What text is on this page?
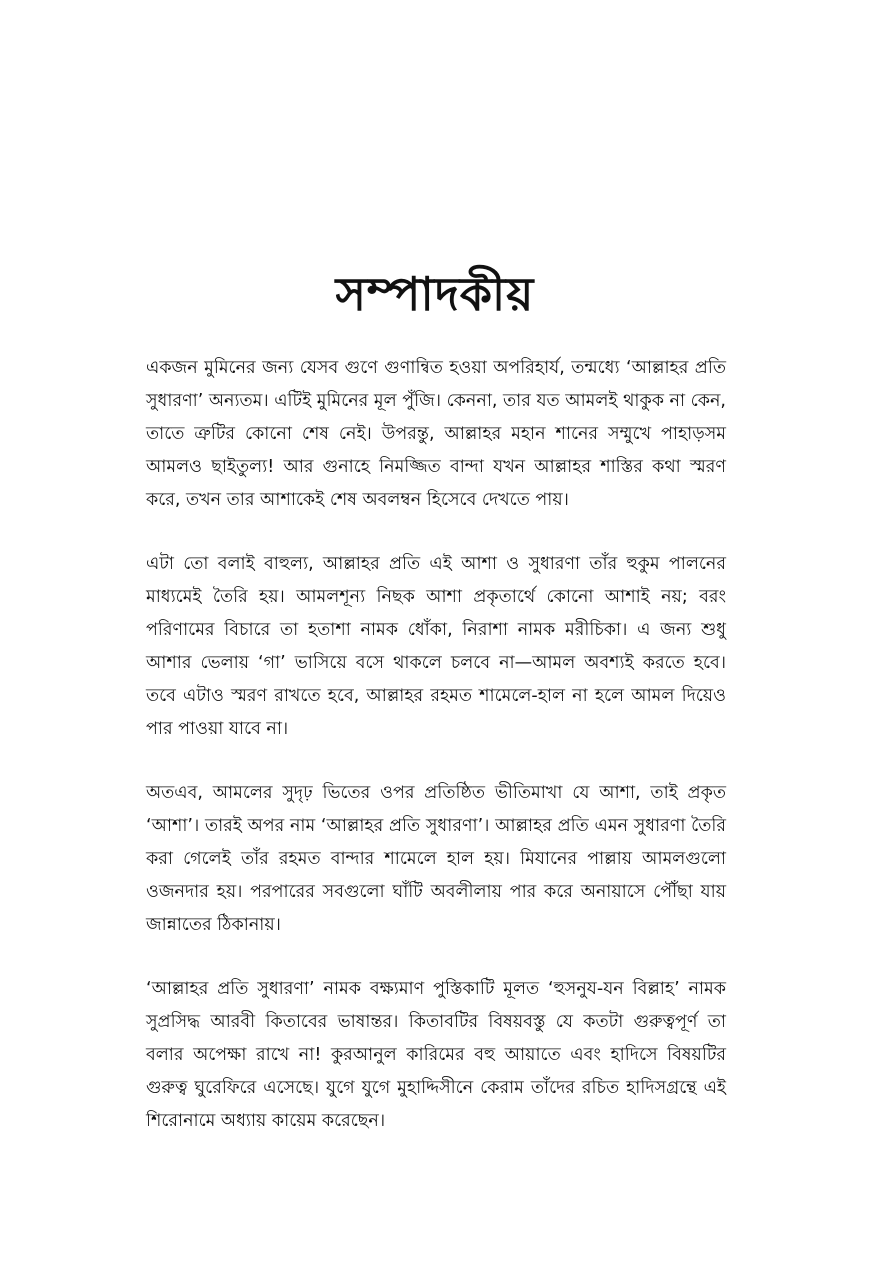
সম্পাদকীয়

একজন মুমিনের জন্য যেসব গুণে গুণান্বিত হওয়া অপরিহার্য, তন্মধ্যে ‘আল্লাহর প্রতি সুধারণা’ অন্যতম। এটিই মুমিনের মূল পুঁজি। কেননা, তার যত আমলই থাকুক না কেন, তাতে ত্রুটির কোনো শেষ নেই। উপরন্তু, আল্লাহর মহান শানের সম্মুখে পাহাড়সম আমলও ছাইতুল্য! আর গুনাহে নিমজ্জিত বান্দা যখন আল্লাহর শাস্তির কথা স্মরণ করে, তখন তার আশাকেই শেষ অবলম্বন হিসেবে দেখতে পায়।

এটা তো বলাই বাহুল্য, আল্লাহর প্রতি এই আশা ও সুধারণা তাঁর হুকুম পালনের মাধ্যমেই তৈরি হয়। আমলশূন্য নিছক আশা প্রকৃতার্থে কোনো আশাই নয়; বরং পরিণামের বিচারে তা হতাশা নামক ধোঁকা, নিরাশা নামক মরীচিকা। এ জন্য শুধু আশার ভেলায় ‘গা’ ভাসিয়ে বসে থাকলে চলবে না—আমল অবশ্যই করতে হবে। তবে এটাও স্মরণ রাখতে হবে, আল্লাহর রহমত শামেলে-হাল না হলে আমল দিয়েও পার পাওয়া যাবে না।

অতএব, আমলের সুদৃঢ় ভিতের ওপর প্রতিষ্ঠিত ভীতিমাখা যে আশা, তাই প্রকৃত ‘আশা’। তারই অপর নাম ‘আল্লাহর প্রতি সুধারণা’। আল্লাহর প্রতি এমন সুধারণা তৈরি করা গেলেই তাঁর রহমত বান্দার শামেলে হাল হয়। মিযানের পাল্লায় আমলগুলো ওজনদার হয়। পরপারের সবগুলো ঘাঁটি অবলীলায় পার করে অনায়াসে পৌঁছা যায় জান্নাতের ঠিকানায়।

‘আল্লাহর প্রতি সুধারণা’ নামক বক্ষ্যমাণ পুস্তিকাটি মূলত ‘হুসনুয-যন বিল্লাহ’ নামক সুপ্রসিদ্ধ আরবী কিতাবের ভাষান্তর। কিতাবটির বিষয়বস্তু যে কতটা গুরুত্বপূর্ণ তা বলার অপেক্ষা রাখে না! কুরআনুল কারিমের বহু আয়াতে এবং হাদিসে বিষয়টির গুরুত্ব ঘুরেফিরে এসেছে। যুগে যুগে মুহাদ্দিসীনে কেরাম তাঁদের রচিত হাদিসগ্রন্থে এই শিরোনামে অধ্যায় কায়েম করেছেন।
